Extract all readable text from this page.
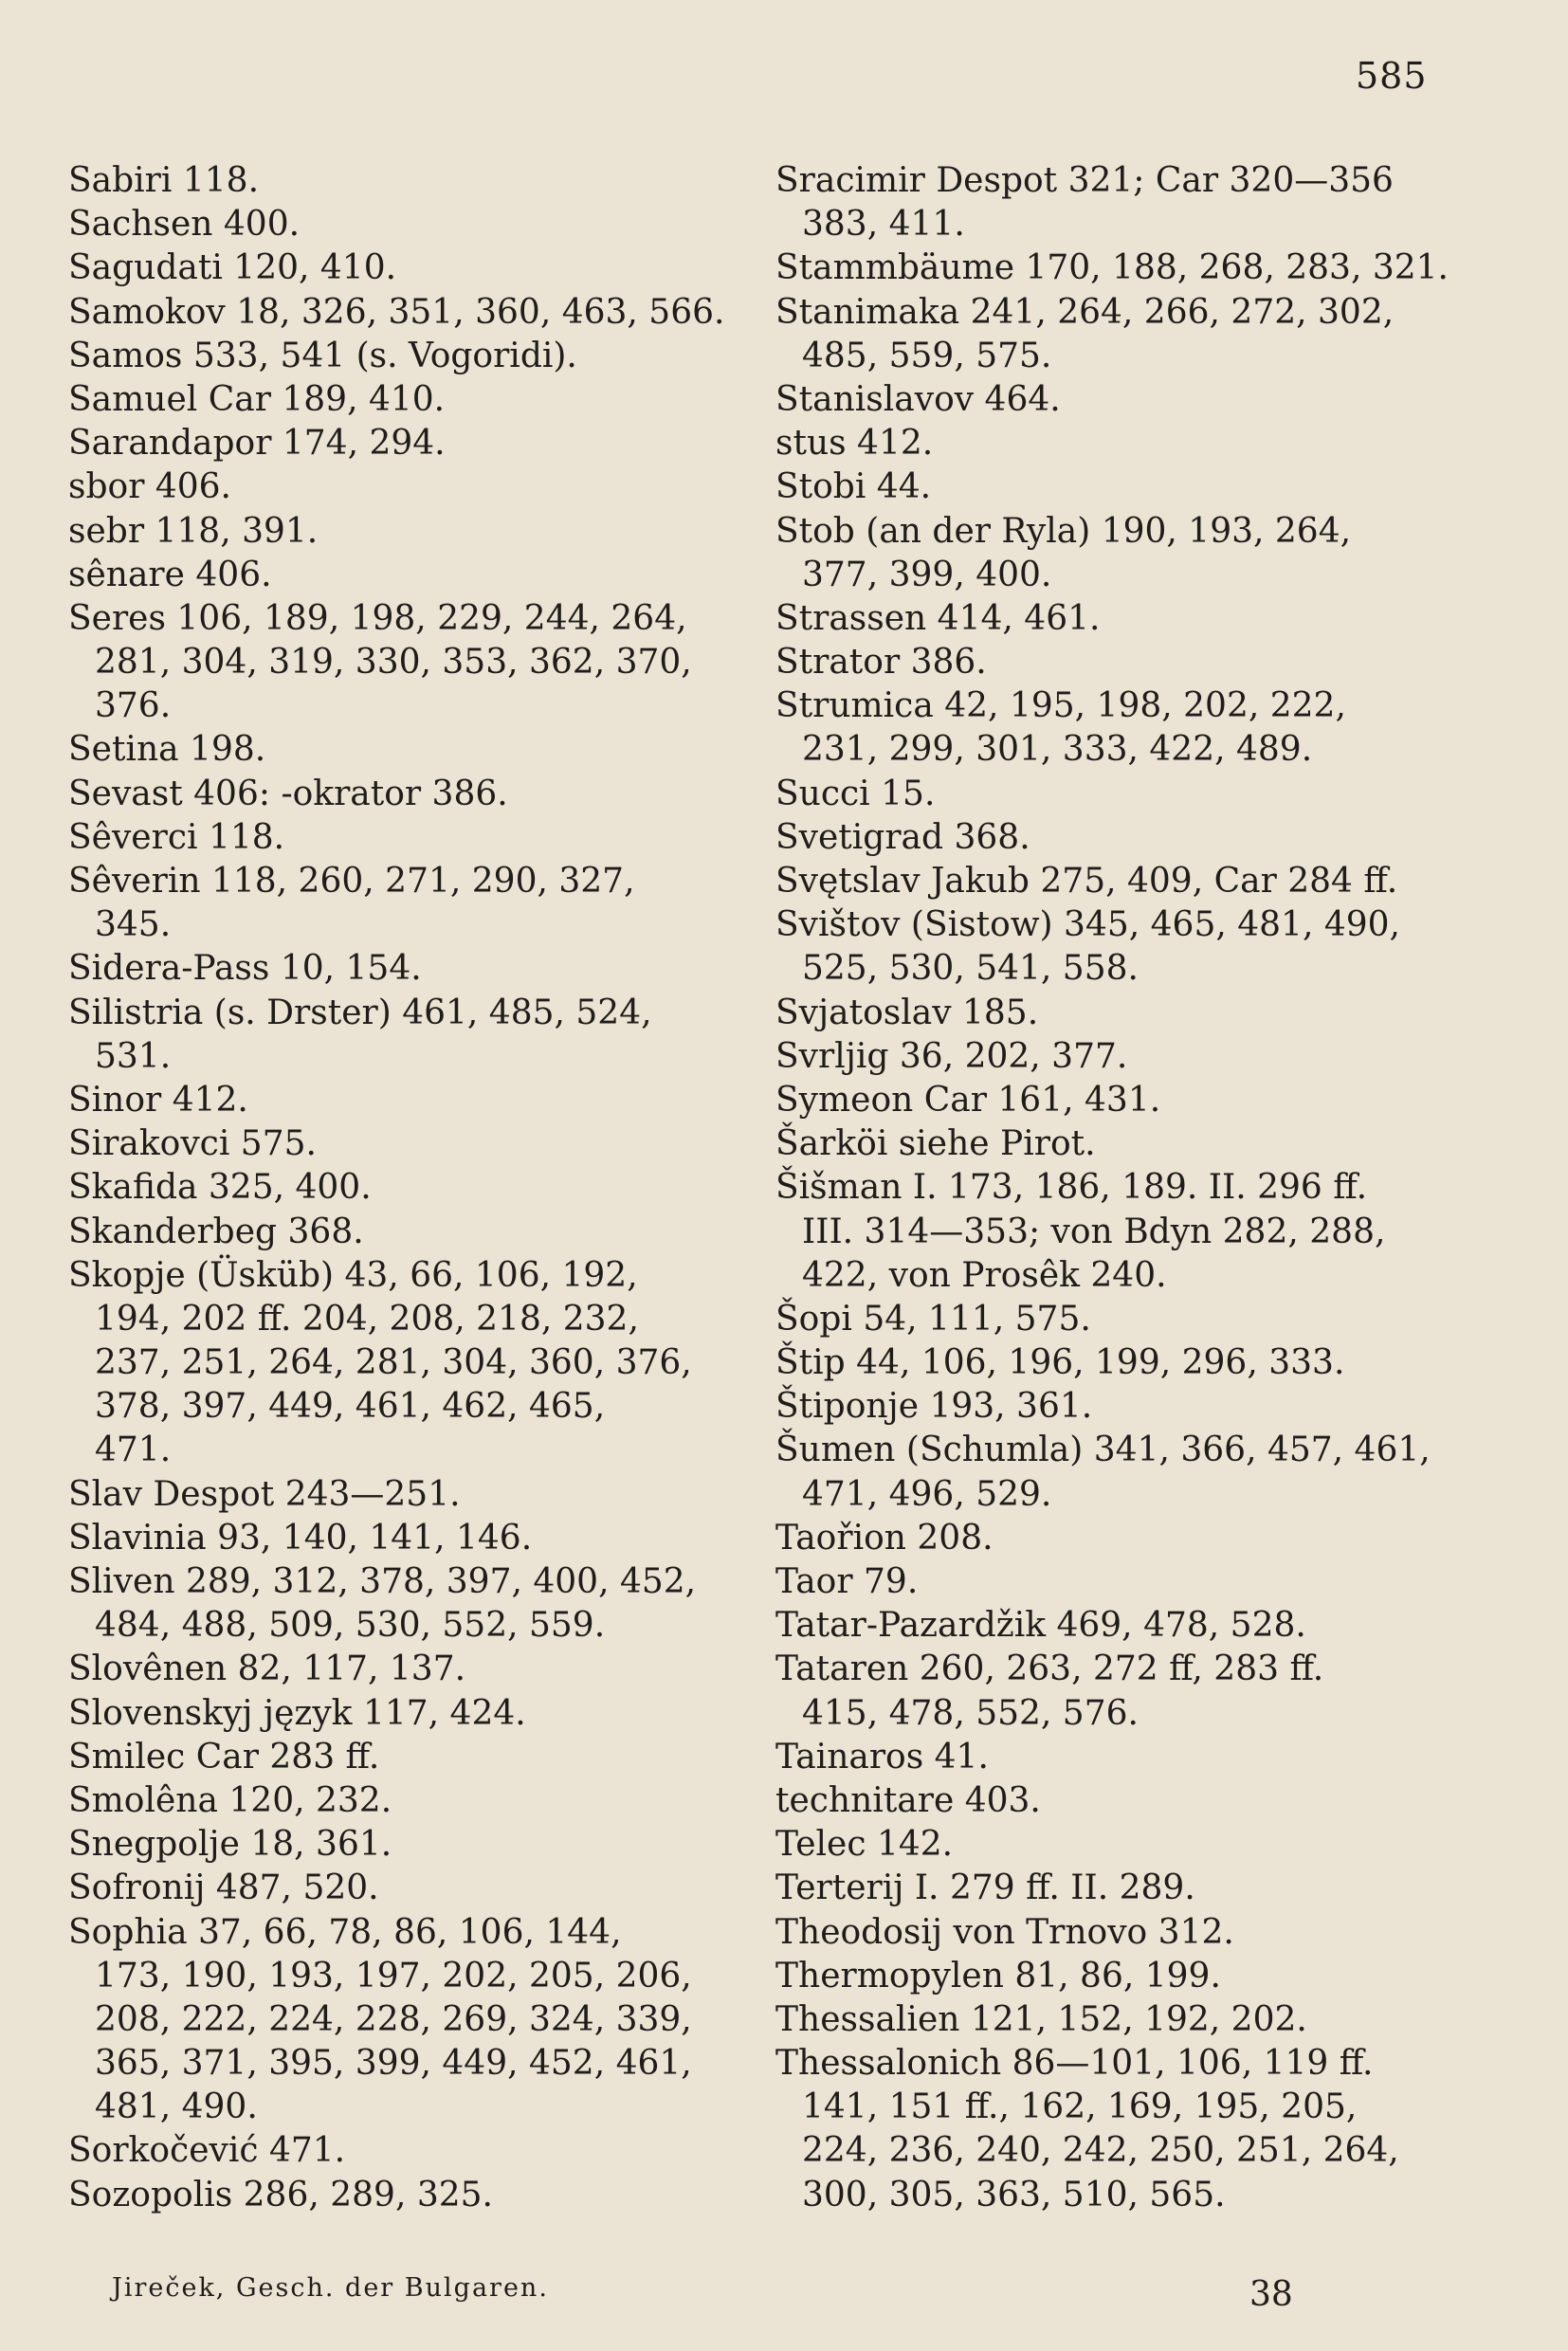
585
Sabiri 118.
Sachsen 400.
Sagudati 120, 410.
Samokov 18, 326, 351, 360, 463, 566.
Samos 533, 541 (s. Vogoridi).
Samuel Car 189, 410.
Sarandapor 174, 294.
sbor 406.
sebr 118, 391.
sênare 406.
Seres 106, 189, 198, 229, 244, 264,
281, 304, 319, 330, 353, 362, 370,
376.
Setina 198.
Sevast 406: -okrator 386.
Sêverci 118.
Sêverin 118, 260, 271, 290, 327,
345.
Sidera-Pass 10, 154.
Silistria (s. Drster) 461, 485, 524,
531.
Sinor 412.
Sirakovci 575.
Skafida 325, 400.
Skanderbeg 368.
Skopje (Üsküb) 43, 66, 106, 192,
194, 202 ff. 204, 208, 218, 232,
237, 251, 264, 281, 304, 360, 376,
378, 397, 449, 461, 462, 465,
471.
Slav Despot 243—251.
Slavinia 93, 140, 141, 146.
Sliven 289, 312, 378, 397, 400, 452,
484, 488, 509, 530, 552, 559.
Slovênen 82, 117, 137.
Slovenskyj język 117, 424.
Smilec Car 283 ff.
Smolêna 120, 232.
Snegpolje 18, 361.
Sofronij 487, 520.
Sophia 37, 66, 78, 86, 106, 144,
173, 190, 193, 197, 202, 205, 206,
208, 222, 224, 228, 269, 324, 339,
365, 371, 395, 399, 449, 452, 461,
481, 490.
Sorkočević 471.
Sozopolis 286, 289, 325.
Sracimir Despot 321; Car 320—356
383, 411.
Stammbäume 170, 188, 268, 283, 321.
Stanimaka 241, 264, 266, 272, 302,
485, 559, 575.
Stanislavov 464.
stus 412.
Stobi 44.
Stob (an der Ryla) 190, 193, 264,
377, 399, 400.
Strassen 414, 461.
Strator 386.
Strumica 42, 195, 198, 202, 222,
231, 299, 301, 333, 422, 489.
Succi 15.
Svetigrad 368.
Svętslav Jakub 275, 409, Car 284 ff.
Svištov (Sistow) 345, 465, 481, 490,
525, 530, 541, 558.
Svjatoslav 185.
Svrljig 36, 202, 377.
Symeon Car 161, 431.
Šarköi siehe Pirot.
Šišman I. 173, 186, 189. II. 296 ff.
III. 314—353; von Bdyn 282, 288,
422, von Prosêk 240.
Šopi 54, 111, 575.
Štip 44, 106, 196, 199, 296, 333.
Štiponje 193, 361.
Šumen (Schumla) 341, 366, 457, 461,
471, 496, 529.
Taořion 208.
Taor 79.
Tatar-Pazardžik 469, 478, 528.
Tataren 260, 263, 272 ff, 283 ff.
415, 478, 552, 576.
Tainaros 41.
technitare 403.
Telec 142.
Terterij I. 279 ff. II. 289.
Theodosij von Trnovo 312.
Thermopylen 81, 86, 199.
Thessalien 121, 152, 192, 202.
Thessalonich 86—101, 106, 119 ff.
141, 151 ff., 162, 169, 195, 205,
224, 236, 240, 242, 250, 251, 264,
300, 305, 363, 510, 565.
Jireček, Gesch. der Bulgaren.	38
